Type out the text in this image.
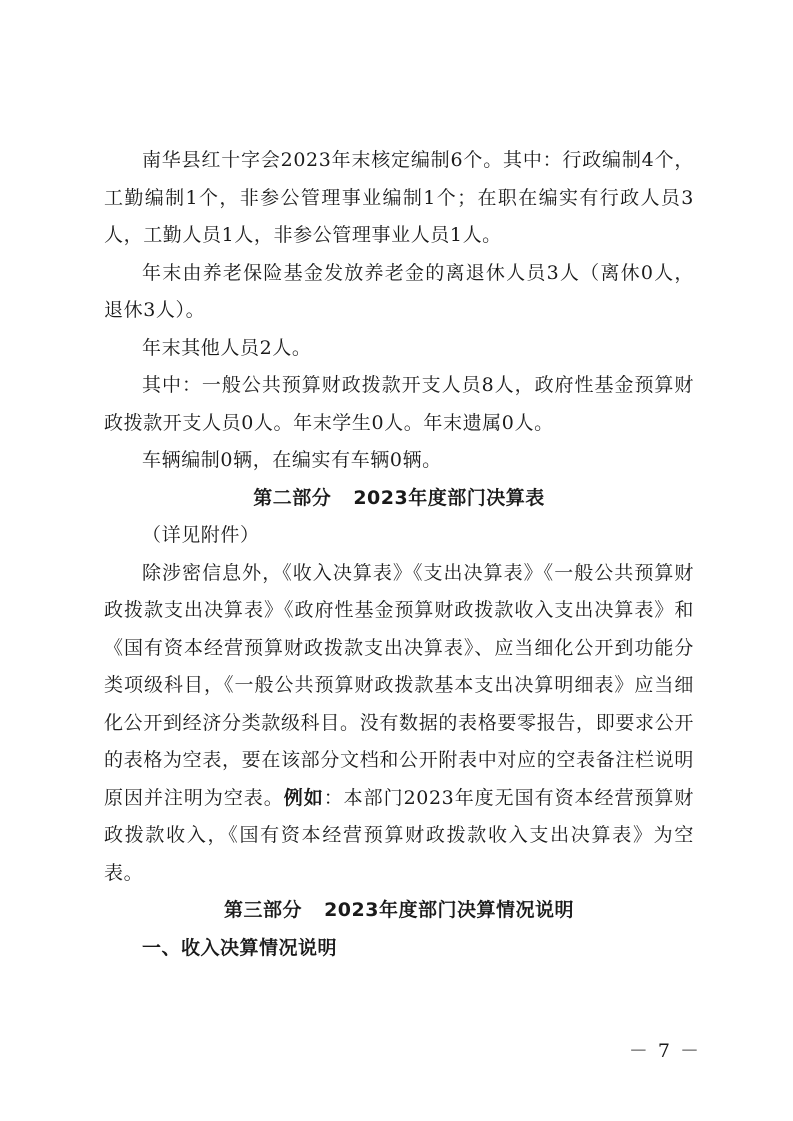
南华县红十字会2023年末核定编制6个。其中：行政编制4个，工勤编制1个，非参公管理事业编制1个；在职在编实有行政人员3人，工勤人员1人，非参公管理事业人员1人。

年末由养老保险基金发放养老金的离退休人员3人（离休0人，退休3人）。

年末其他人员2人。

其中：一般公共预算财政拨款开支人员8人，政府性基金预算财政拨款开支人员0人。年末学生0人。年末遗属0人。

车辆编制0辆，在编实有车辆0辆。

第二部分 2023年度部门决算表

（详见附件）

除涉密信息外，《收入决算表》《支出决算表》《一般公共预算财政拨款支出决算表》《政府性基金预算财政拨款收入支出决算表》和《国有资本经营预算财政拨款支出决算表》、应当细化公开到功能分类项级科目，《一般公共预算财政拨款基本支出决算明细表》应当细化公开到经济分类款级科目。没有数据的表格要零报告，即要求公开的表格为空表，要在该部分文档和公开附表中对应的空表备注栏说明原因并注明为空表。例如：本部门2023年度无国有资本经营预算财政拨款收入，《国有资本经营预算财政拨款收入支出决算表》为空表。

第三部分 2023年度部门决算情况说明

一、收入决算情况说明

－ 7 －
